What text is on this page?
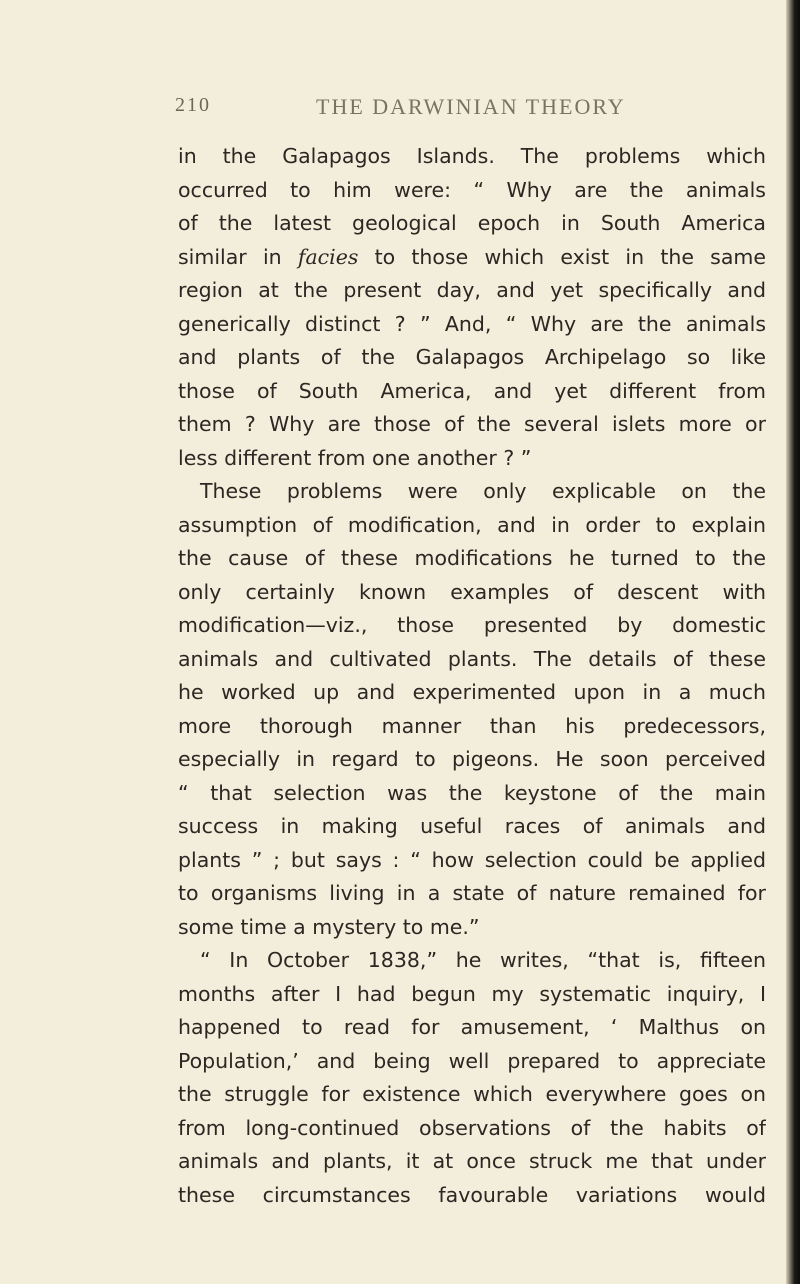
210	THE DARWINIAN THEORY
in the Galapagos Islands. The problems which
occurred to him were: “ Why are the animals
of the latest geological epoch in South America
similar in facies to those which exist in the same
region at the present day, and yet specifically and
generically distinct ? ” And, “ Why are the animals
and plants of the Galapagos Archipelago so like
those of South America, and yet different from
them ? Why are those of the several islets more or
less different from one another ? ”
These problems were only explicable on the
assumption of modification, and in order to explain
the cause of these modifications he turned to the
only certainly known examples of descent with
modification—viz., those presented by domestic
animals and cultivated plants. The details of these
he worked up and experimented upon in a much
more thorough manner than his predecessors,
especially in regard to pigeons. He soon perceived
“ that selection was the keystone of the main
success in making useful races of animals and
plants ” ; but says : “ how selection could be applied
to organisms living in a state of nature remained for
some time a mystery to me.”
“ In October 1838,” he writes, “that is, fifteen
months after I had begun my systematic inquiry, I
happened to read for amusement, ‘ Malthus on
Population,’ and being well prepared to appreciate
the struggle for existence which everywhere goes on
from long-continued observations of the habits of
animals and plants, it at once struck me that under
these circumstances favourable variations would
